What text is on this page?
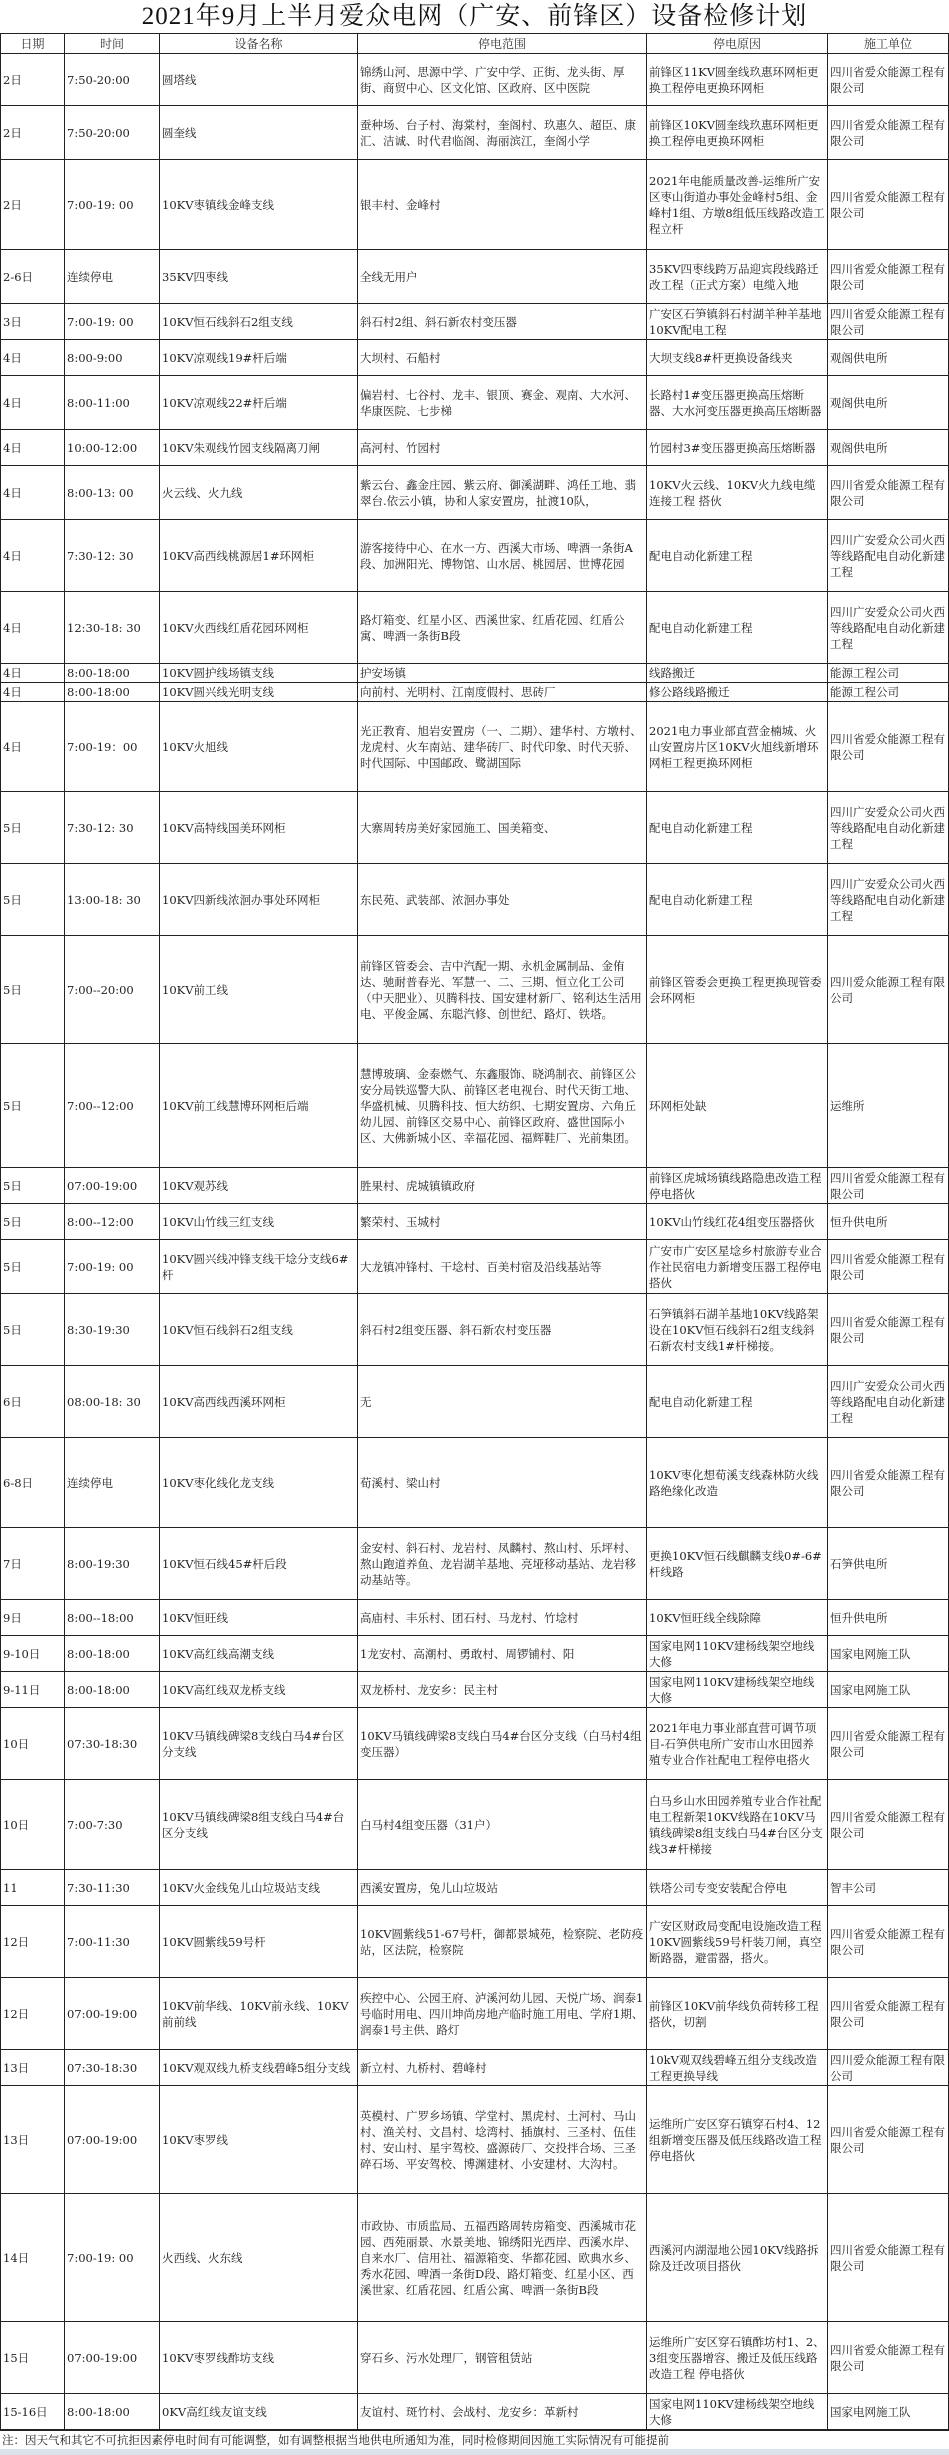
2021年9月上半月爱众电网（广安、前锋区）设备检修计划
日期	时间	设备名称	停电范围	停电原因	施工单位
2日	7:50-20:00	圆塔线	锦绣山河、思源中学、广安中学、正街、龙头街、厚街、商贸中心、区文化馆、区政府、区中医院	前锋区11KV圆奎线玖惠环网柜更换工程停电更换环网柜	四川省爱众能源工程有限公司
2日	7:50-20:00	圆奎线	蚕种场、台子村、海棠村，奎阁村、玖惠久、超臣、康汇、洁诚、时代君临阁、海丽滨江，奎阁小学	前锋区10KV圆奎线玖惠环网柜更换工程停电更换环网柜	四川省爱众能源工程有限公司
2日	7:00-19: 00	10KV枣镇线金峰支线	银丰村、金峰村	2021年电能质量改善-运维所广安区枣山街道办事处金峰村5组、金峰村1组、方墩8组低压线路改造工程立杆	四川省爱众能源工程有限公司
2-6日	连续停电	35KV四枣线	全线无用户	35KV四枣线跨万品迎宾段线路迁改工程（正式方案）电缆入地	四川省爱众能源工程有限公司
3日	7:00-19: 00	10KV恒石线斜石2组支线	斜石村2组、斜石新农村变压器	广安区石笋镇斜石村湖羊种羊基地10KV配电工程	四川省爱众能源工程有限公司
4日	8:00-9:00	10KV凉观线19#杆后端	大坝村、石船村	大坝支线8#杆更换设备线夹	观阁供电所
4日	8:00-11:00	10KV凉观线22#杆后端	偏岩村、七谷村、龙丰、银顶、赛金、观南、大水河、华康医院、七步梯	长路村1#变压器更换高压熔断器、大水河变压器更换高压熔断器	观阁供电所
4日	10:00-12:00	10KV朱观线竹园支线隔离刀闸	高河村、竹园村	竹园村3#变压器更换高压熔断器	观阁供电所
4日	8:00-13: 00	火云线、火九线	紫云台、鑫金庄园、紫云府、御溪湖畔、鸿任工地、翡翠台.依云小镇，协和人家安置房，扯渡10队，	10KV火云线、10KV火九线电缆连接工程 搭伙	四川省爱众能源工程有限公司
4日	7:30-12: 30	10KV高西线桃源居1#环网柜	游客接待中心、在水一方、西溪大市场、啤酒一条街A段、加洲阳光、博物馆、山水居、桃园居、世博花园	配电自动化新建工程	四川广安爱众公司火西等线路配电自动化新建工程
4日	12:30-18: 30	10KV火西线红盾花园环网柜	路灯箱变、红星小区、西溪世家、红盾花园、红盾公寓、啤酒一条街B段	配电自动化新建工程	四川广安爱众公司火西等线路配电自动化新建工程
4日	8:00-18:00	10KV圆护线场镇支线	护安场镇	线路搬迁	能源工程公司
4日	8:00-18:00	10KV圆兴线光明支线	向前村、光明村、江南度假村、思砖厂	修公路线路搬迁	能源工程公司
4日	7:00-19：00	10KV火旭线	光正教育、旭岩安置房（一、二期）、建华村、方墩村、龙虎村、火车南站、建华砖厂、时代印象、时代天骄、时代国际、中国邮政、鹭湖国际	2021电力事业部直营金楠城、火山安置房片区10KV火旭线新增环网柜工程更换环网柜	四川省爱众能源工程有限公司
5日	7:30-12: 30	10KV高特线国美环网柜	大寨周转房美好家园施工、国美箱变、	配电自动化新建工程	四川广安爱众公司火西等线路配电自动化新建工程
5日	13:00-18: 30	10KV四新线浓洄办事处环网柜	东民苑、武装部、浓洄办事处	配电自动化新建工程	四川广安爱众公司火西等线路配电自动化新建工程
5日	7:00--20:00	10KV前工线	前锋区管委会、吉中汽配一期、永机金属制品、金侑达、驰耐普春光、军慧一、二、三期、恒立化工公司（中天肥业）、贝腾科技、国安建材新厂、铭利达生活用电、平俊金属、东聪汽修、创世纪、路灯、铁塔。	前锋区管委会更换工程更换现管委会环网柜	四川爱众能源工程有限公司
5日	7:00--12:00	10KV前工线慧博环网柜后端	慧博玻璃、金泰燃气、东鑫服饰、晓鸿制衣、前锋区公安分局铁巡警大队、前锋区老电视台、时代天街工地、华盛机械、贝腾科技、恒大纺织、七期安置房、六角丘幼儿园、前锋区交易中心、前锋区政府、盛世国际小区、大佛新城小区、幸福花园、福辉鞋厂、光前集团。	环网柜处缺	运维所
5日	07:00-19:00	10KV观苏线	胜果村、虎城镇镇政府	前锋区虎城场镇线路隐患改造工程停电搭伙	四川省爱众能源工程有限公司
5日	8:00--12:00	10KV山竹线三红支线	繁荣村、玉城村	10KV山竹线红花4组变压器搭伙	恒升供电所
5日	7:00-19: 00	10KV圆兴线冲锋支线干埝分支线6#杆	大龙镇冲锋村、干埝村、百美村宿及沿线基站等	广安市广安区星埝乡村旅游专业合作社民宿电力新增变压器工程停电搭伙	四川省爱众能源工程有限公司
5日	8:30-19:30	10KV恒石线斜石2组支线	斜石村2组变压器、斜石新农村变压器	石笋镇斜石湖羊基地10KV线路架设在10KV恒石线斜石2组支线斜石新农村支线1#杆梯接。	四川省爱众能源工程有限公司
6日	08:00-18: 30	10KV高西线西溪环网柜	无	配电自动化新建工程	四川广安爱众公司火西等线路配电自动化新建工程
6-8日	连续停电	10KV枣化线化龙支线	荀溪村、梁山村	10KV枣化想荀溪支线森林防火线路绝缘化改造	四川省爱众能源工程有限公司
7日	8:00-19:30	10KV恒石线45#杆后段	金安村、斜石村、龙岩村、凤麟村、熬山村、乐坪村、熬山跑道养鱼、龙岩湖羊基地、亮垭移动基站、龙岩移动基站等。	更换10KV恒石线麒麟支线0#-6#杆线路	石笋供电所
9日	8:00--18:00	10KV恒旺线	高庙村、丰乐村、团石村、马龙村、竹埝村	10KV恒旺线全线除障	恒升供电所
9-10日	8:00-18:00	10KV高红线高潮支线	1龙安村、高潮村、勇敢村、周锣铺村、阳	国家电网110KV建杨线架空地线大修	国家电网施工队
9-11日	8:00-18:00	10KV高红线双龙桥支线	双龙桥村、龙安乡：民主村	国家电网110KV建杨线架空地线大修	国家电网施工队
10日	07:30-18:30	10KV马镇线碑梁8支线白马4#台区分支线	10KV马镇线碑梁8支线白马4#台区分支线（白马村4组变压器）	2021年电力事业部直营可调节项目-石笋供电所广安市山水田园养殖专业合作社配电工程停电搭火	四川省爱众能源工程有限公司
10日	7:00-7:30	10KV马镇线碑梁8组支线白马4#台区分支线	白马村4组变压器（31户）	白马乡山水田园养殖专业合作社配电工程新架10KV线路在10KV马镇线碑梁8组支线白马4#台区分支线3#杆梯接	四川省爱众能源工程有限公司
11	7:30-11:30	10KV火金线兔儿山垃圾站支线	西溪安置房，兔儿山垃圾站	铁塔公司专变安装配合停电	智丰公司
12日	7:00-11:30	10KV圆紫线59号杆	10KV圆紫线51-67号杆，御都景城苑，检察院、老防疫站，区法院，检察院	广安区财政局变配电设施改造工程10KV圆紫线59号杆装刀闸，真空断路器，避雷器，搭火。	四川省爱众能源工程有限公司
12日	07:00-19:00	10KV前华线、10KV前永线、10KV前前线	疾控中心、公园王府、泸溪河幼儿园、天悦广场、润泰1号临时用电、四川坤尚房地产临时施工用电、学府1期、润泰1号主供、路灯	前锋区10KV前华线负荷转移工程搭伙，切割	四川省爱众能源工程有限公司
13日	07:30-18:30	10KV观双线九桥支线碧峰5组分支线	新立村、九桥村、碧峰村	10kV观双线碧峰五组分支线改造工程更换导线	四川爱众能源工程有限公司
13日	07:00-19:00	10KV枣罗线	英模村、广罗乡场镇、学堂村、黑虎村、土河村、马山村、渔关村、文昌村、埝湾村、插旗村、三圣村、伍佳村、安山村、星宇驾校、盛源砖厂、交投拌合场、三圣碎石场、平安驾校、博渊建材、小安建材、大沟村。	运维所广安区穿石镇穿石村4、12组新增变压器及低压线路改造工程停电搭伙	四川省爱众能源工程有限公司
14日	7:00-19: 00	火西线、火东线	市政协、市质监局、五福西路周转房箱变、西溪城市花园、西苑丽景、水景美地、锦绣阳光西岸、西溪水岸、自来水厂、信用社、福源箱变、华都花园、欧典水乡、秀水花园、啤酒一条街D段、路灯箱变、红星小区、西溪世家、红盾花园、红盾公寓、啤酒一条街B段	西溪河内湖湿地公园10KV线路拆除及迁改项目搭伙	四川省爱众能源工程有限公司
15日	07:00-19:00	10KV枣罗线酢坊支线	穿石乡、污水处理厂，钢管租赁站	运维所广安区穿石镇酢坊村1、2、3组变压器增容、搬迁及低压线路改造工程 停电搭伙	四川省爱众能源工程有限公司
15-16日	8:00-18:00	0KV高红线友谊支线	友谊村、斑竹村、会战村、龙安乡：革新村	国家电网110KV建杨线架空地线大修	国家电网施工队
注：因天气和其它不可抗拒因素停电时间有可能调整，如有调整根据当地供电所通知为准，同时检修期间因施工实际情况有可能提前
